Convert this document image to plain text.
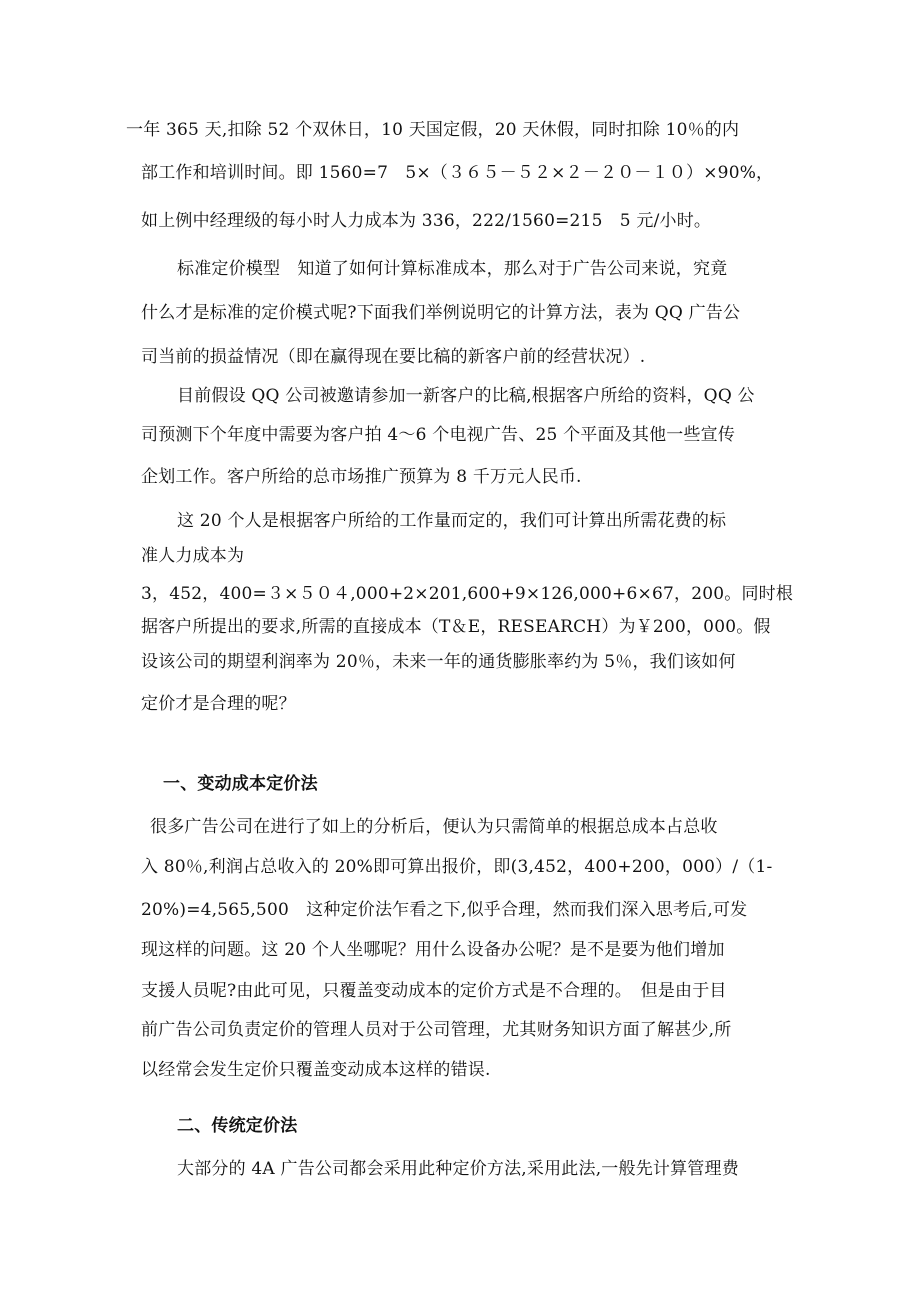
一年 365 天,扣除 52 个双休日，10 天国定假，20 天休假，同时扣除 10％的内
部工作和培训时间。即 1560=7　5×（３６５－５２×２－２０－１０）×90%，
如上例中经理级的每小时人力成本为 336，222/1560=215　5 元/小时。
标准定价模型　知道了如何计算标准成本，那么对于广告公司来说，究竟
什么才是标准的定价模式呢?下面我们举例说明它的计算方法，表为 QQ 广告公
司当前的损益情况（即在赢得现在要比稿的新客户前的经营状况）.
目前假设 QQ 公司被邀请参加一新客户的比稿,根据客户所给的资料，QQ 公
司预测下个年度中需要为客户拍 4～6 个电视广告、25 个平面及其他一些宣传
企划工作。客户所给的总市场推广预算为 8 千万元人民币.
这 20 个人是根据客户所给的工作量而定的，我们可计算出所需花费的标
准人力成本为
3，452，400=３×５０４,000+2×201,600+9×126,000+6×67，200。同时根
据客户所提出的要求,所需的直接成本（T＆E，RESEARCH）为￥200，000。假
设该公司的期望利润率为 20％，未来一年的通货膨胀率约为 5％，我们该如何
定价才是合理的呢？
一、变动成本定价法
很多广告公司在进行了如上的分析后，便认为只需简单的根据总成本占总收
入 80％,利润占总收入的 20%即可算出报价，即(3,452，400+200，000）/（1-
20%)=4,565,500　这种定价法乍看之下,似乎合理，然而我们深入思考后,可发
现这样的问题。这 20 个人坐哪呢？用什么设备办公呢？是不是要为他们增加
支援人员呢?由此可见，只覆盖变动成本的定价方式是不合理的。　但是由于目
前广告公司负责定价的管理人员对于公司管理，尤其财务知识方面了解甚少,所
以经常会发生定价只覆盖变动成本这样的错误.
二、传统定价法
大部分的 4A 广告公司都会采用此种定价方法,采用此法,一般先计算管理费
